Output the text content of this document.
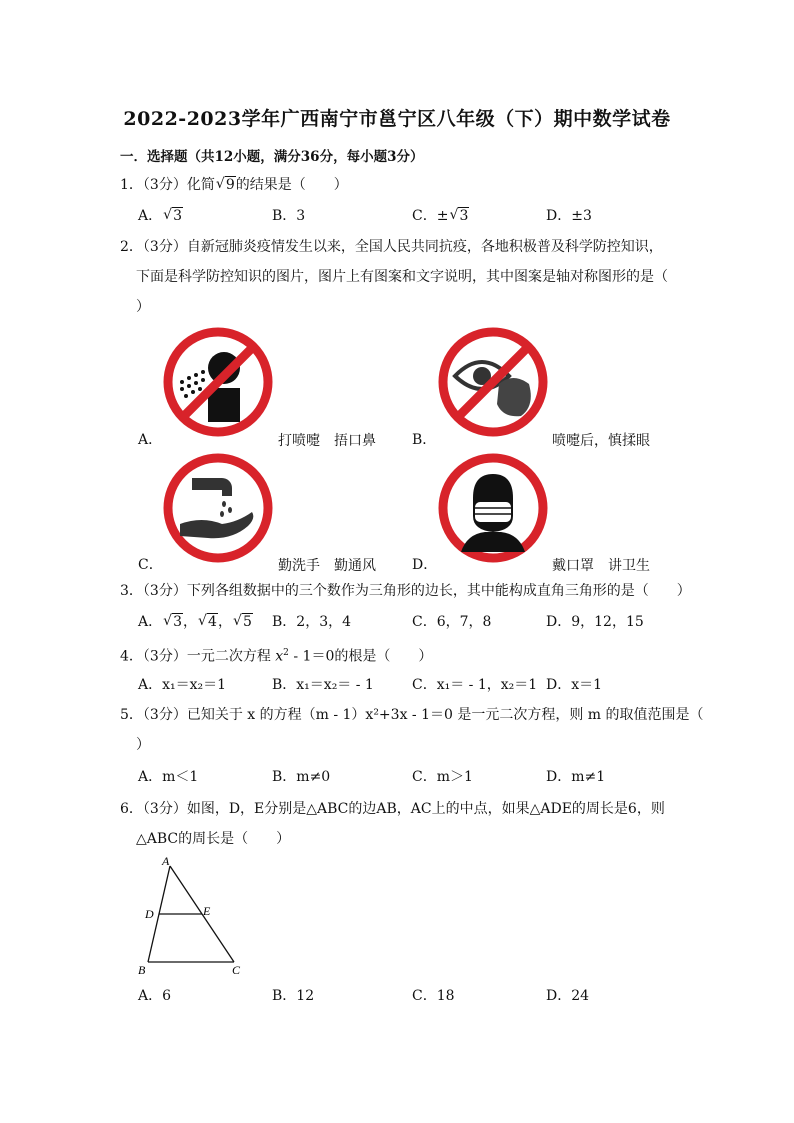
2022-2023学年广西南宁市邕宁区八年级（下）期中数学试卷
一．选择题（共12小题，满分36分，每小题3分）
1．（3分）化简 √ 9的结果是（　　）
A． √ 3	B．3	C．± √ 3	D．±3
2．（3分）自新冠肺炎疫情发生以来，全国人民共同抗疫，各地积极普及科学防控知识，
下面是科学防控知识的图片，图片上有图案和文字说明，其中图案是轴对称图形的是（
）
A．	打喷嚏　捂口鼻	B．	喷嚏后，慎揉眼
C．	勤洗手　勤通风	D．	戴口罩　讲卫生
3．（3分）下列各组数据中的三个数作为三角形的边长，其中能构成直角三角形的是（　　）
A． √ 3， √ 4， √ 5 B．2，3，4	C．6，7，8	D．9，12，15
4．（3分）一元二次方程 $x^2 - 1=0$的根是（　　）
A．x₁＝x₂＝1	B．x₁＝x₂＝ - 1	C．x₁＝ - 1，x₂＝1 D．x＝1
5．（3分）已知关于 x 的方程（m - 1）x²+3x - 1＝0 是一元二次方程，则 m 的取值范围是（
）
A．m＜1	B．m≠0	C．m＞1	D．m≠1
6．（3分）如图，D，E分别是△ABC的边AB，AC上的中点，如果△ADE的周长是6，则
△ABC的周长是（　　）
A
D	E
B	C
A．6	B．12	C．18	D．24
